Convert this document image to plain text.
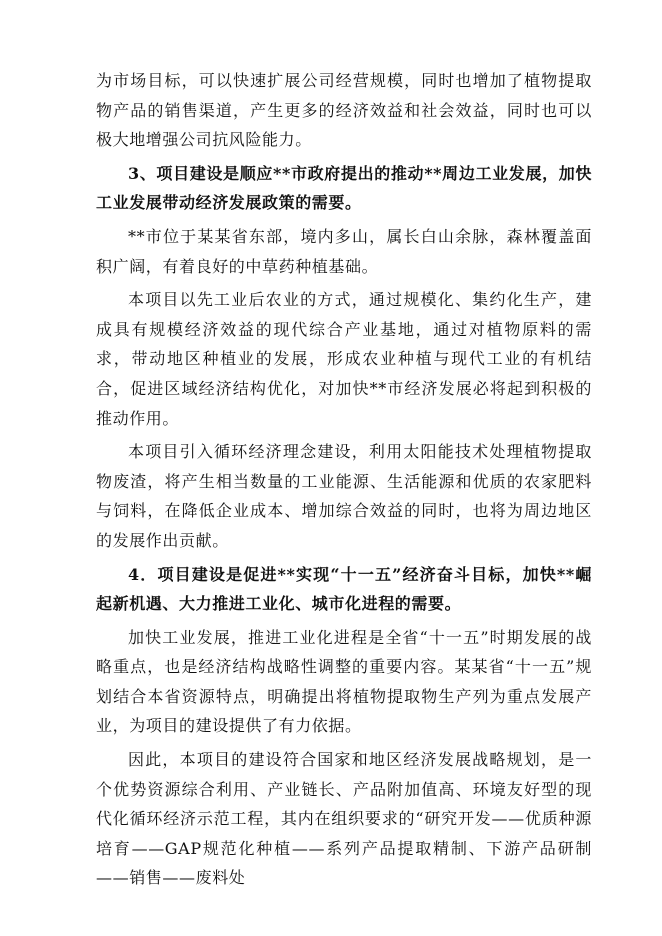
为市场目标，可以快速扩展公司经营规模，同时也增加了植物提取物产品的销售渠道，产生更多的经济效益和社会效益，同时也可以极大地增强公司抗风险能力。

3、项目建设是顺应**市政府提出的推动**周边工业发展，加快工业发展带动经济发展政策的需要。

**市位于某某省东部，境内多山，属长白山余脉，森林覆盖面积广阔，有着良好的中草药种植基础。

本项目以先工业后农业的方式，通过规模化、集约化生产，建成具有规模经济效益的现代综合产业基地，通过对植物原料的需求，带动地区种植业的发展，形成农业种植与现代工业的有机结合，促进区域经济结构优化，对加快**市经济发展必将起到积极的推动作用。

本项目引入循环经济理念建设，利用太阳能技术处理植物提取物废渣，将产生相当数量的工业能源、生活能源和优质的农家肥料与饲料，在降低企业成本、增加综合效益的同时，也将为周边地区的发展作出贡献。

4．项目建设是促进**实现“十一五”经济奋斗目标，加快**崛起新机遇、大力推进工业化、城市化进程的需要。

加快工业发展，推进工业化进程是全省“十一五”时期发展的战略重点，也是经济结构战略性调整的重要内容。某某省“十一五”规划结合本省资源特点，明确提出将植物提取物生产列为重点发展产业，为项目的建设提供了有力依据。

因此，本项目的建设符合国家和地区经济发展战略规划，是一个优势资源综合利用、产业链长、产品附加值高、环境友好型的现代化循环经济示范工程，其内在组织要求的“研究开发——优质种源培育——GAP规范化种植——系列产品提取精制、下游产品研制——销售——废料处
